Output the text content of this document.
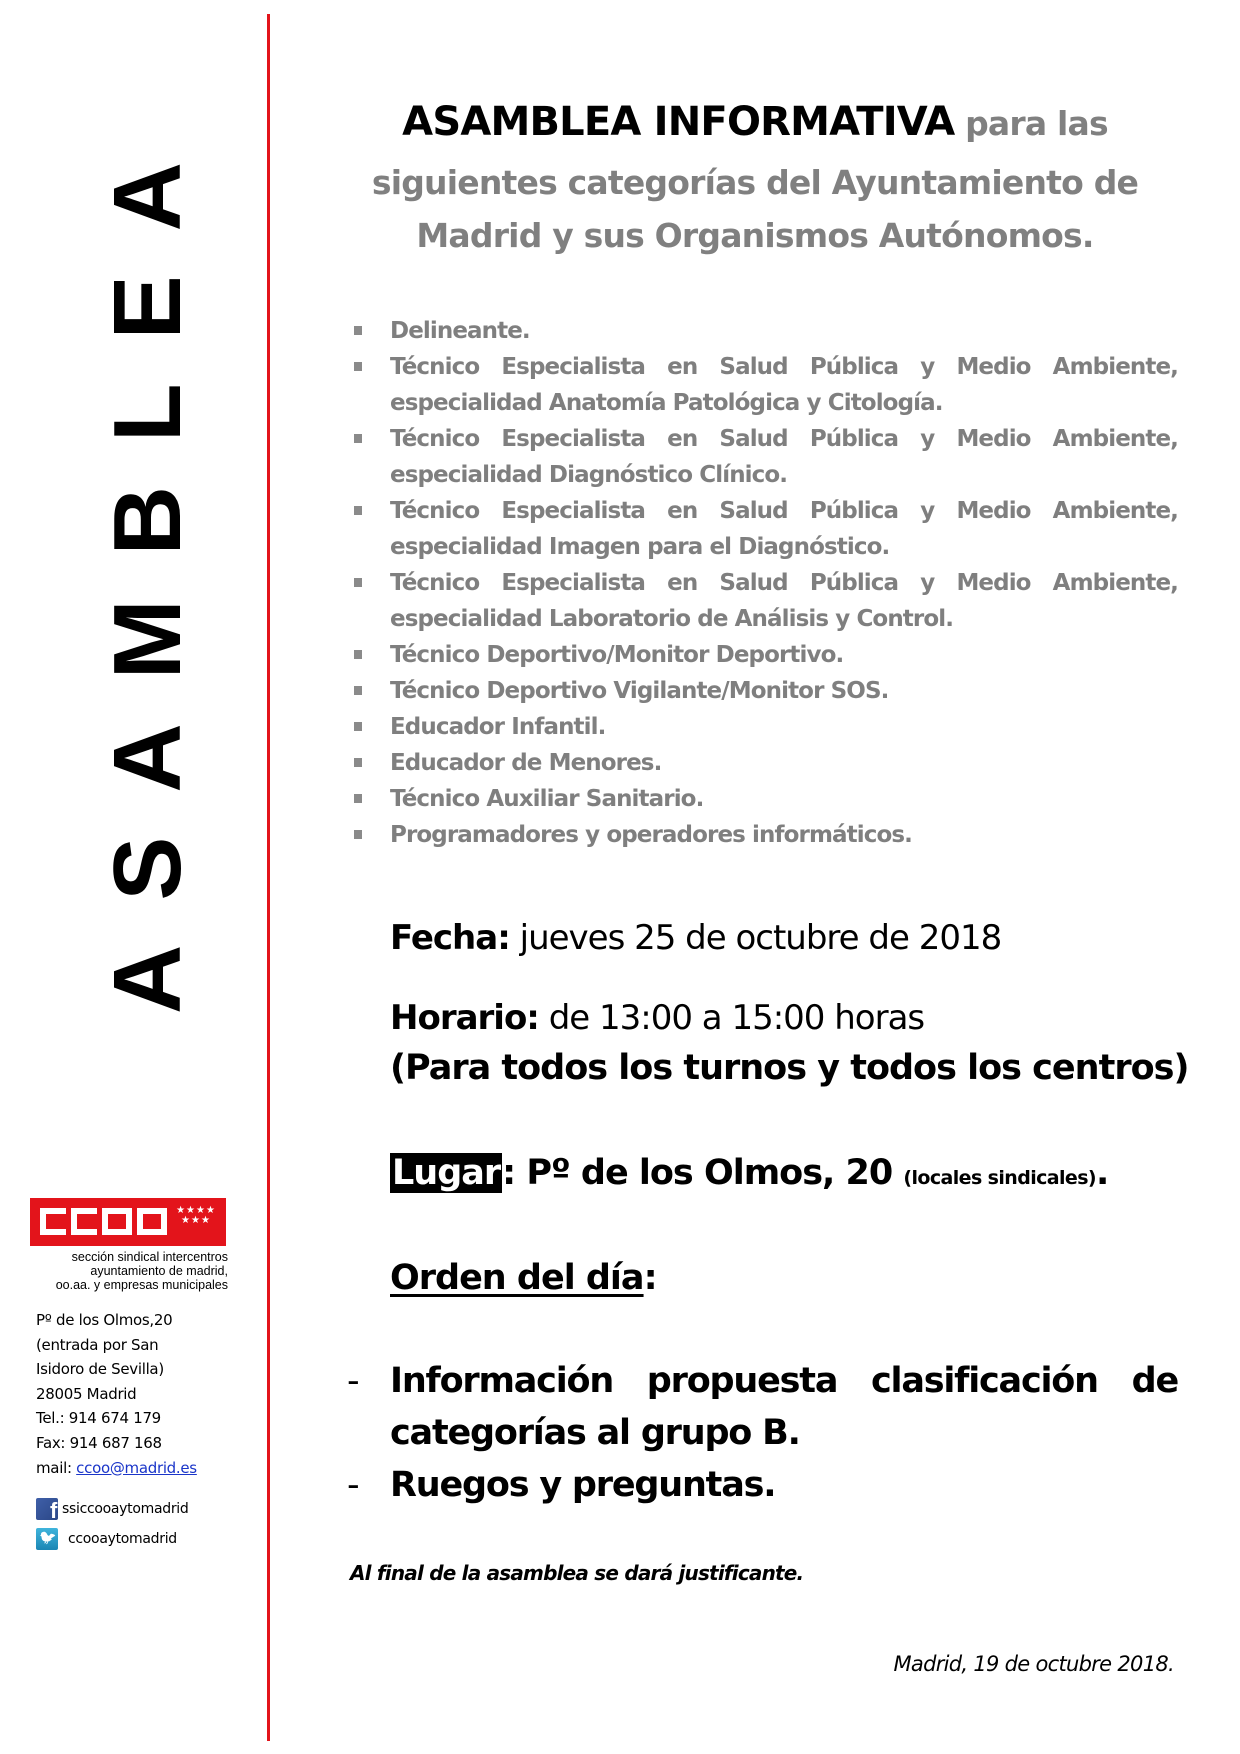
ASAMBLEA	ASAMBLEA INFORMATIVA para las
siguientes categorías del Ayuntamiento de
Madrid y sus Organismos Autónomos.
Delineante.
Técnico Especialista en Salud Pública y Medio Ambiente,
especialidad Anatomía Patológica y Citología.
Técnico Especialista en Salud Pública y Medio Ambiente,
especialidad Diagnóstico Clínico.
Técnico Especialista en Salud Pública y Medio Ambiente,
especialidad Imagen para el Diagnóstico.
Técnico Especialista en Salud Pública y Medio Ambiente,
especialidad Laboratorio de Análisis y Control.
Técnico Deportivo/Monitor Deportivo.
Técnico Deportivo Vigilante/Monitor SOS.
Educador Infantil.
Educador de Menores.
Técnico Auxiliar Sanitario.
Programadores y operadores informáticos.
Fecha: jueves 25 de octubre de 2018
Horario: de 13:00 a 15:00 horas
(Para todos los turnos y todos los centros)
Lugar: Pº de los Olmos, 20 (locales sindicales).
Orden del día:
- Información propuesta clasificación de
categorías al grupo B.
- Ruegos y preguntas.
Al final de la asamblea se dará justificante.
Madrid, 19 de octubre 2018.
★★★★
★★★
sección sindical intercentros
ayuntamiento de madrid,
oo.aa. y empresas municipales
Pº de los Olmos,20
(entrada por San
Isidoro de Sevilla)
28005 Madrid
Tel.: 914 674 179
Fax: 914 687 168
mail: ccoo@madrid.es
f
ssiccooaytomadrid
🐦
ccooaytomadrid
